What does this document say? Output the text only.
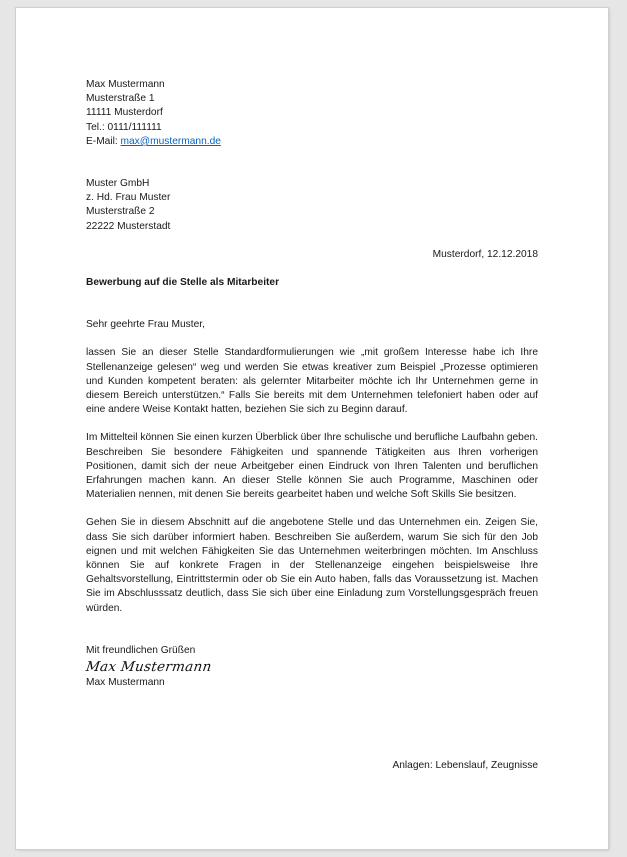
Max Mustermann
Musterstraße 1
11111 Musterdorf
Tel.: 0111/111111
E-Mail: max@mustermann.de
Muster GmbH
z. Hd. Frau Muster
Musterstraße 2
22222 Musterstadt
Musterdorf, 12.12.2018
Bewerbung auf die Stelle als Mitarbeiter
Sehr geehrte Frau Muster,

lassen Sie an dieser Stelle Standardformulierungen wie „mit großem Interesse habe ich Ihre Stellenanzeige gelesen“ weg und werden Sie etwas kreativer zum Beispiel „Prozesse optimieren und Kunden kompetent beraten: als gelernter Mitarbeiter möchte ich Ihr Unternehmen gerne in diesem Bereich unterstützen.“ Falls Sie bereits mit dem Unternehmen telefoniert haben oder auf eine andere Weise Kontakt hatten, beziehen Sie sich zu Beginn darauf.

Im Mittelteil können Sie einen kurzen Überblick über Ihre schulische und berufliche Laufbahn geben. Beschreiben Sie besondere Fähigkeiten und spannende Tätigkeiten aus Ihren vorherigen Positionen, damit sich der neue Arbeitgeber einen Eindruck von Ihren Talenten und beruflichen Erfahrungen machen kann. An dieser Stelle können Sie auch Programme, Maschinen oder Materialien nennen, mit denen Sie bereits gearbeitet haben und welche Soft Skills Sie besitzen.

Gehen Sie in diesem Abschnitt auf die angebotene Stelle und das Unternehmen ein. Zeigen Sie, dass Sie sich darüber informiert haben. Beschreiben Sie außerdem, warum Sie sich für den Job eignen und mit welchen Fähigkeiten Sie das Unternehmen weiterbringen möchten. Im Anschluss können Sie auf konkrete Fragen in der Stellenanzeige eingehen beispielsweise Ihre Gehaltsvorstellung, Eintrittstermin oder ob Sie ein Auto haben, falls das Voraussetzung ist. Machen Sie im Abschlusssatz deutlich, dass Sie sich über eine Einladung zum Vorstellungsgespräch freuen würden.

Mit freundlichen Grüßen
Max Mustermann
Max Mustermann
Anlagen: Lebenslauf, Zeugnisse
